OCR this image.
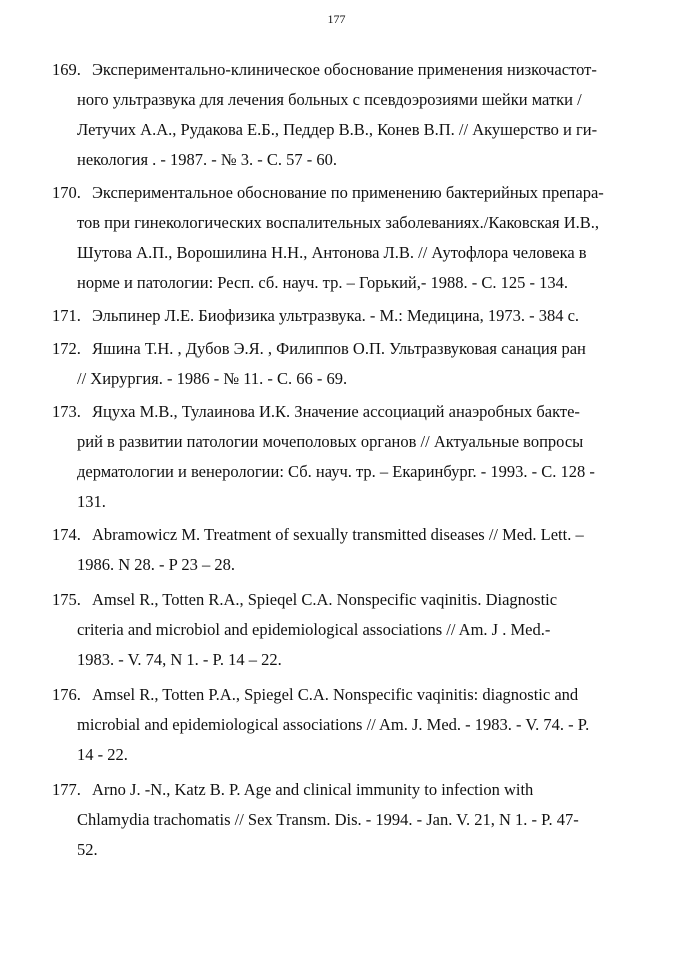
177
169. Экспериментально-клиническое обоснование применения низкочастот-
ного ультразвука для лечения больных с псевдоэрозиями шейки матки /
Летучих А.А., Рудакова Е.Б., Педдер В.В., Конев В.П. // Акушерство и ги-
некология . - 1987. - № 3. - С. 57 - 60.
170. Экспериментальное обоснование по применению бактерийных препара-
тов при гинекологических воспалительных заболеваниях./Каковская И.В.,
Шутова А.П., Ворошилина Н.Н., Антонова Л.В. // Аутофлора человека в
норме и патологии: Респ. сб. науч. тр. – Горький,- 1988. - С. 125 - 134.
171. Эльпинер Л.Е. Биофизика ультразвука. - М.: Медицина, 1973. - 384 с.
172. Яшина Т.Н. , Дубов Э.Я. , Филиппов О.П. Ультразвуковая санация ран
// Хирургия. - 1986 - № 11. - С. 66 - 69.
173. Яцуха М.В., Тулаинова И.К. Значение ассоциаций анаэробных бакте-
рий в развитии патологии мочеполовых органов // Актуальные вопросы
дерматологии и венерологии: Сб. науч. тр. – Екаринбург. - 1993. - С. 128 -
131.
174. Abramowicz M. Treatment of sexually transmitted diseases // Med. Lett. –
1986. N 28. - P 23 – 28.
175. Amsel R., Totten R.A., Spieqel C.A. Nonspecific vaqinitis. Diagnostic
criteria and microbiol and epidemiological associations // Am. J . Med.-
1983. - V. 74, N 1. - P. 14 – 22.
176. Amsel R., Totten P.A., Spiegel C.A. Nonspecific vaqinitis: diagnostic and
microbial and epidemiological associations // Am. J. Med. - 1983. - V. 74. - P.
14 - 22.
177. Arno J. -N., Katz B. P. Age and clinical immunity to infection with
Chlamydia trachomatis // Sex Transm. Dis. - 1994. - Jan. V. 21, N 1. - P. 47-
52.
